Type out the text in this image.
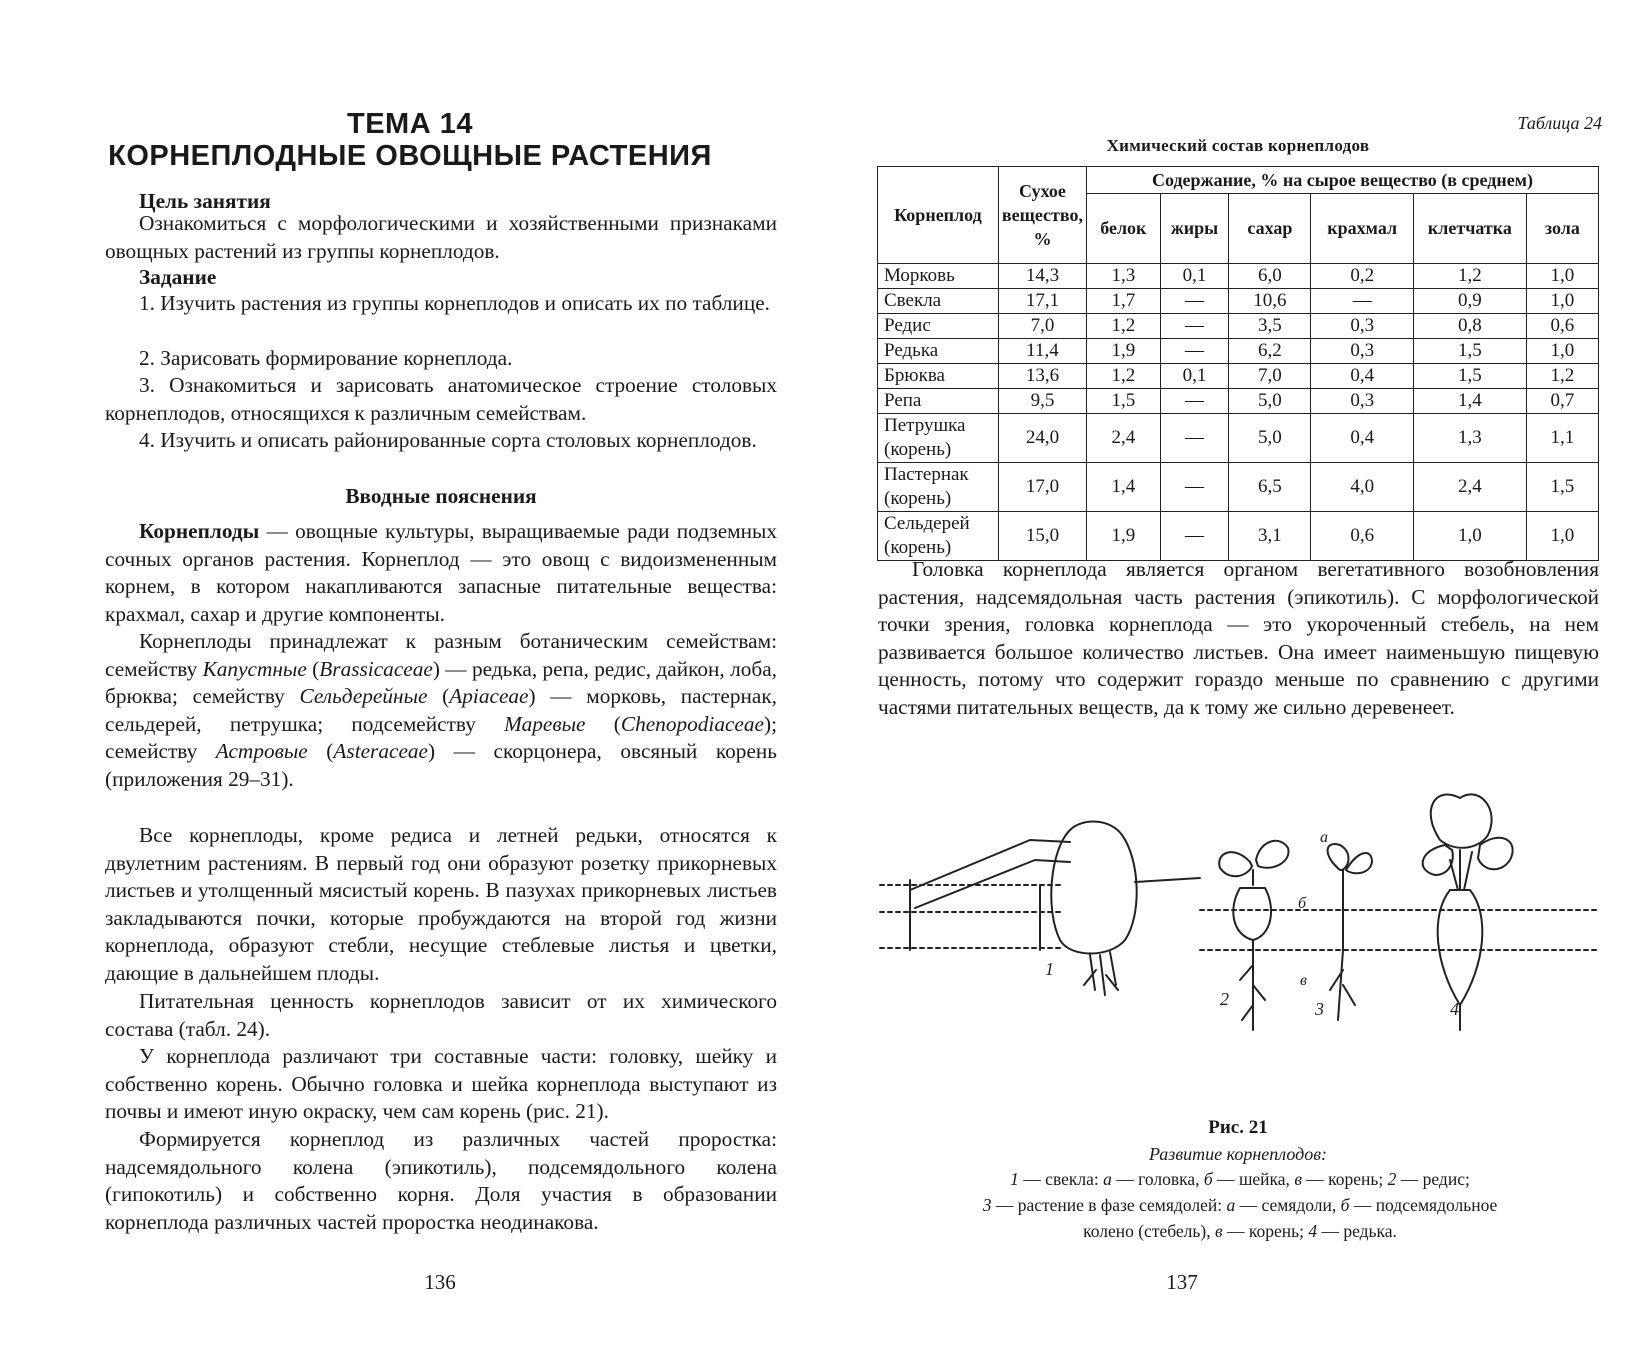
ТЕМА 14
КОРНЕПЛОДНЫЕ ОВОЩНЫЕ РАСТЕНИЯ
Цель занятия

Ознакомиться с морфологическими и хозяйственными признаками овощных растений из группы корнеплодов.

Задание

1. Изучить растения из группы корнеплодов и описать их по таблице.

2. Зарисовать формирование корнеплода.

3. Ознакомиться и зарисовать анатомическое строение столовых корнеплодов, относящихся к различным семействам.

4. Изучить и описать районированные сорта столовых корнеплодов.

Вводные пояснения

Корнеплоды — овощные культуры, выращиваемые ради подземных сочных органов растения. Корнеплод — это овощ с видоизмененным корнем, в котором накапливаются запасные питательные вещества: крахмал, сахар и другие компоненты.

Корнеплоды принадлежат к разным ботаническим семействам: семейству Капустные (Brassicaceae) — редька, репа, редис, дайкон, лоба, брюква; семейству Сельдерейные (Apiaceae) — морковь, пастернак, сельдерей, петрушка; подсемейству Маревые (Chenopodiaceae); семейству Астровые (Asteraceae) — скорцонера, овсяный корень (приложения 29–31).

Все корнеплоды, кроме редиса и летней редьки, относятся к двулетним растениям. В первый год они образуют розетку прикорневых листьев и утолщенный мясистый корень. В пазухах прикорневых листьев закладываются почки, которые пробуждаются на второй год жизни корнеплода, образуют стебли, несущие стеблевые листья и цветки, дающие в дальнейшем плоды.

Питательная ценность корнеплодов зависит от их химического состава (табл. 24).

У корнеплода различают три составные части: головку, шейку и собственно корень. Обычно головка и шейка корнеплода выступают из почвы и имеют иную окраску, чем сам корень (рис. 21).

Формируется корнеплод из различных частей проростка: надсемядольного колена (эпикотиль), подсемядольного колена (гипокотиль) и собственно корня. Доля участия в образовании корнеплода различных частей проростка неодинакова.

136
Таблица 24
Химический состав корнеплодов
Корнеплод	Сухое вещество, %	Содержание, % на сырое вещество (в среднем)					
		белок	жиры	сахар	крахмал	клетчатка	зола
Морковь	14,3	1,3	0,1	6,0	0,2	1,2	1,0
Свекла	17,1	1,7	—	10,6	—	0,9	1,0
Редис	7,0	1,2	—	3,5	0,3	0,8	0,6
Редька	11,4	1,9	—	6,2	0,3	1,5	1,0
Брюква	13,6	1,2	0,1	7,0	0,4	1,5	1,2
Репа	9,5	1,5	—	5,0	0,3	1,4	0,7
Петрушка (корень)	24,0	2,4	—	5,0	0,4	1,3	1,1
Пастернак (корень)	17,0	1,4	—	6,5	4,0	2,4	1,5
Сельдерей (корень)	15,0	1,9	—	3,1	0,6	1,0	1,0

Головка корнеплода является органом вегетативного возобновления растения, надсемядольная часть растения (эпикотиль). С морфологической точки зрения, головка корнеплода — это укороченный стебель, на нем развивается большое количество листьев. Она имеет наименьшую пищевую ценность, потому что содержит гораздо меньше по сравнению с другими частями питательных веществ, да к тому же сильно деревенеет.

1
2	3	4
а
б
в
Рис. 21
Развитие корнеплодов:
1 — свекла: а — головка, б — шейка, в — корень; 2 — редис;
3 — растение в фазе семядолей: а — семядоли, б — подсемядольное
колено (стебель), в — корень; 4 — редька.
137
